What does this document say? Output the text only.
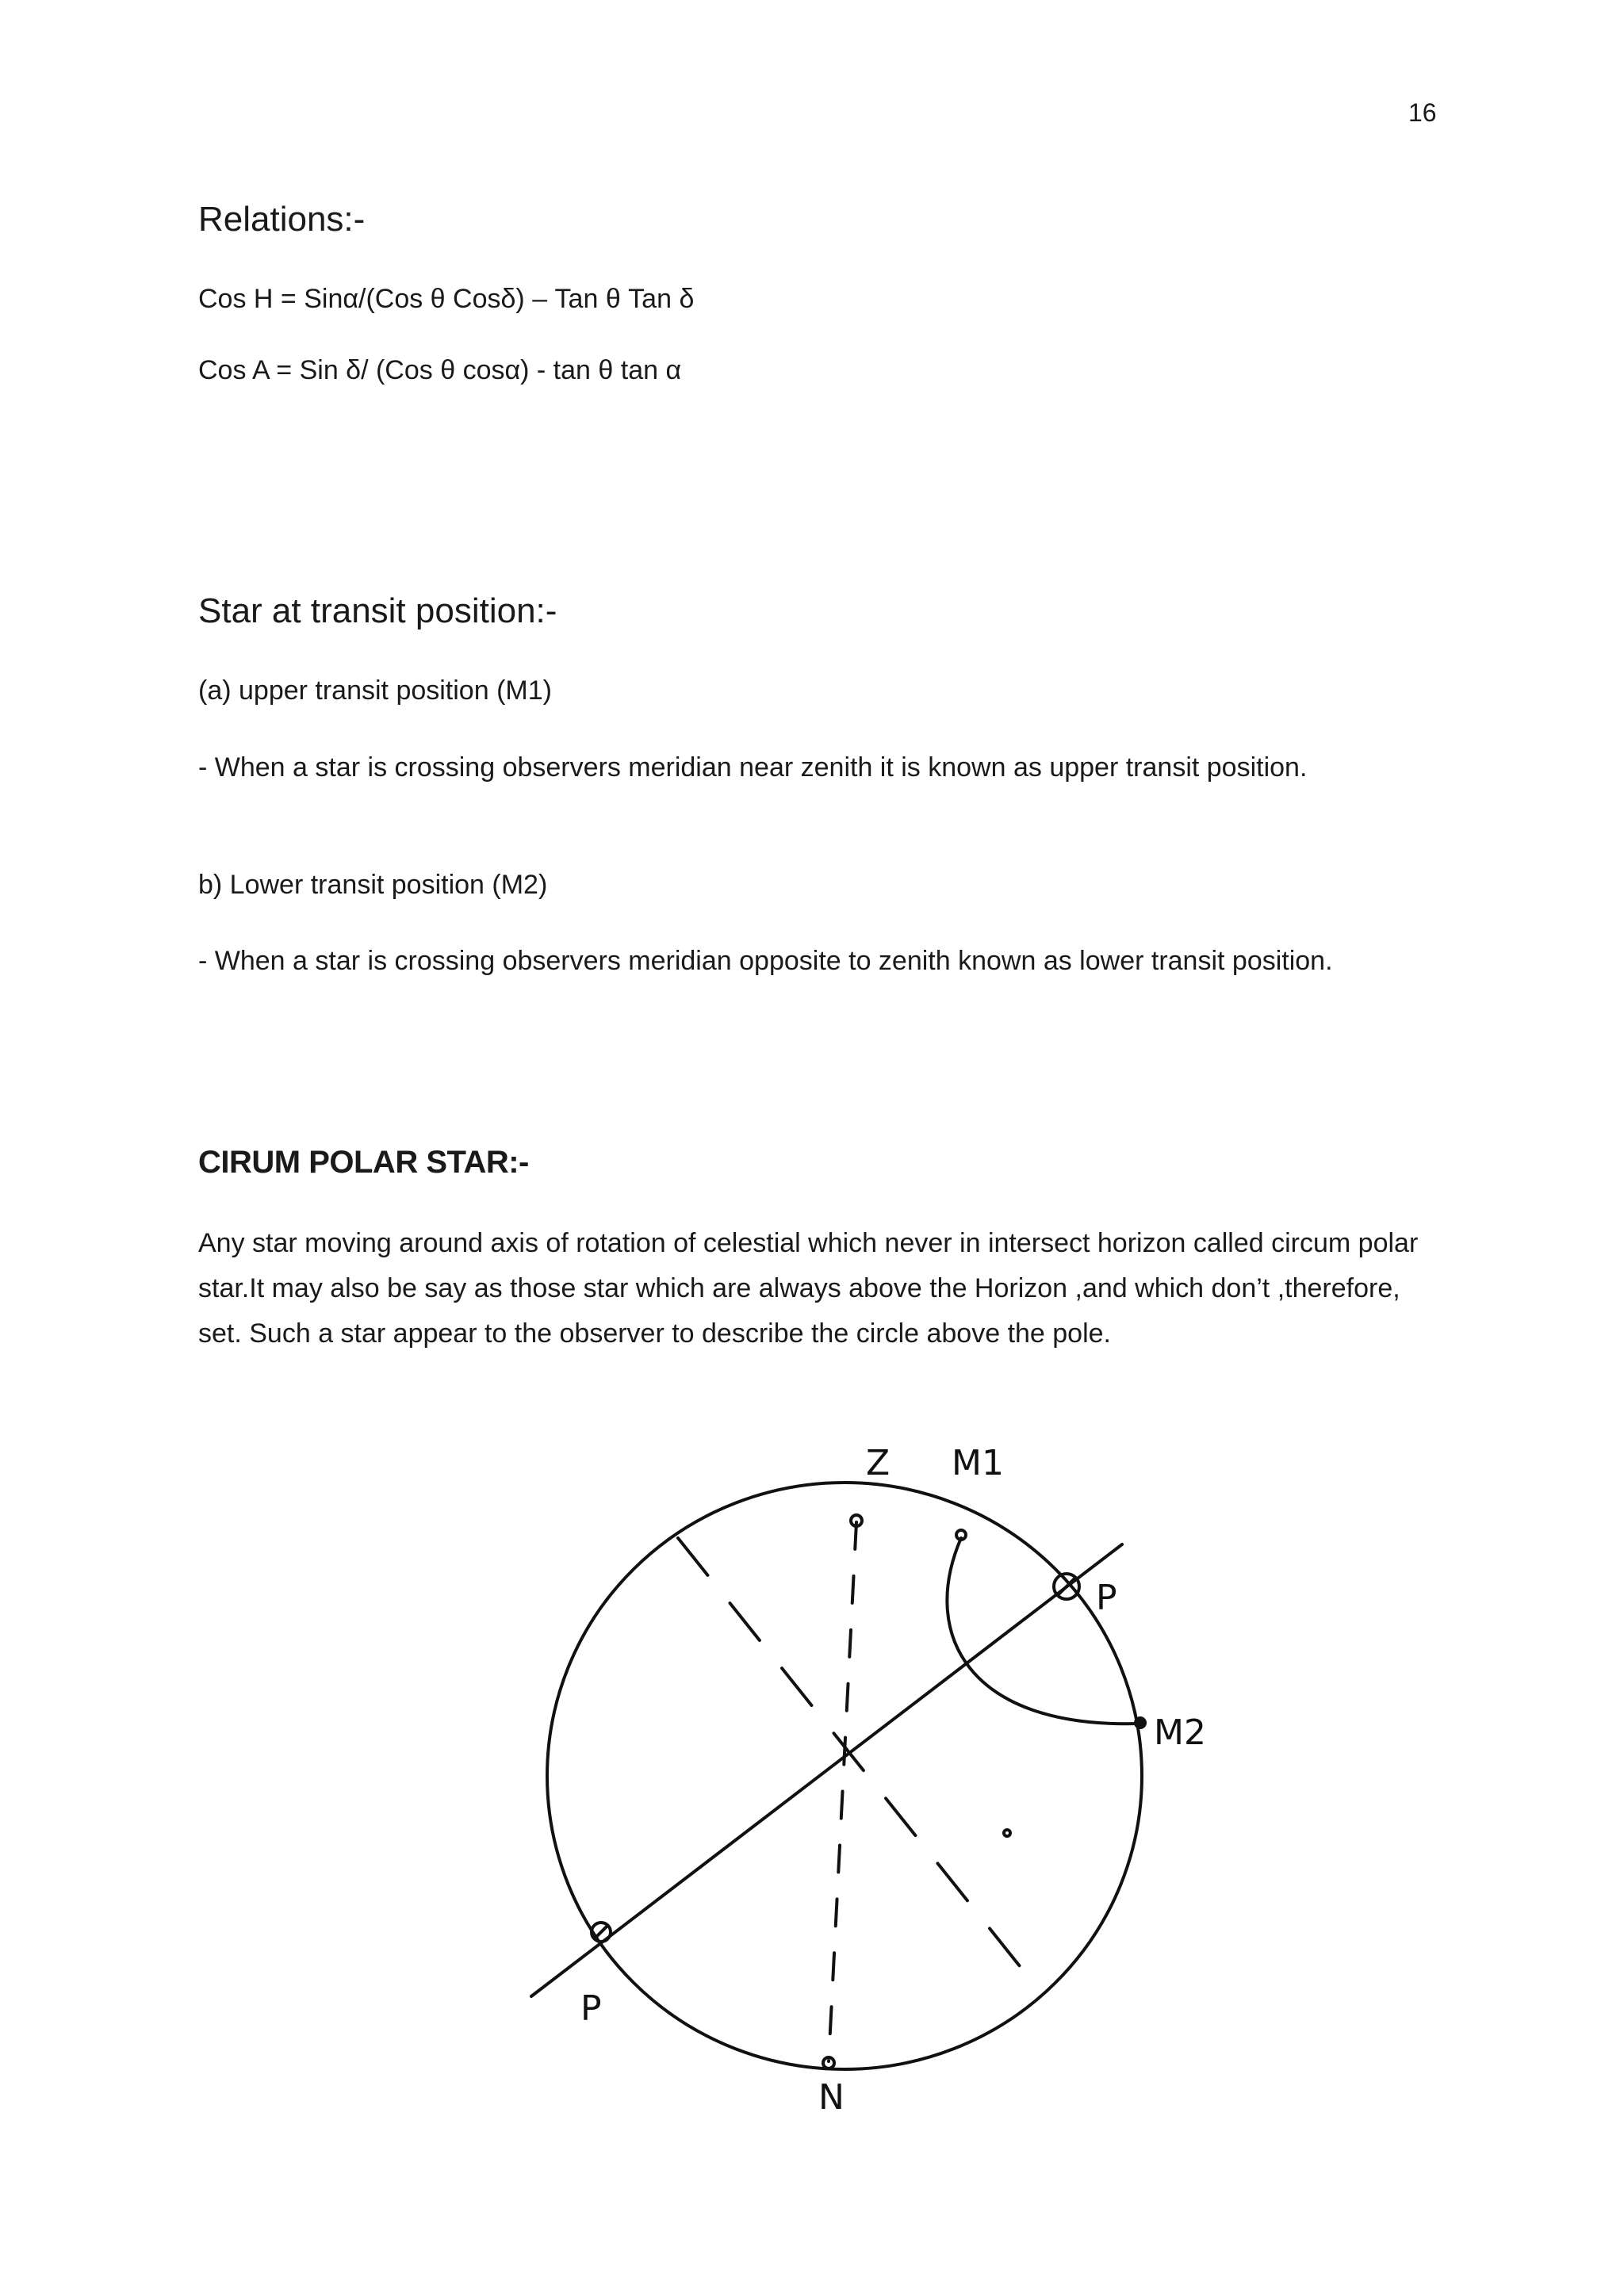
16
Relations:-

Cos H = Sinα/(Cos θ Cosδ) – Tan θ Tan δ

Cos A = Sin δ/ (Cos θ cosα) - tan θ tan α

Star at transit position:-

(a) upper transit position (M1)

- When a star is crossing observers meridian near zenith it is known as upper transit position.

b) Lower transit position (M2)

- When a star is crossing observers meridian opposite to zenith known as lower transit position.

CIRUM POLAR STAR:-

Any star moving around axis of rotation of celestial which never in intersect horizon called circum polar star.It may also be say as those star which are always above the Horizon ,and which don’t ,therefore, set. Such a star appear to the observer to describe the circle above the pole.

Z M1
P
M2
P
N
